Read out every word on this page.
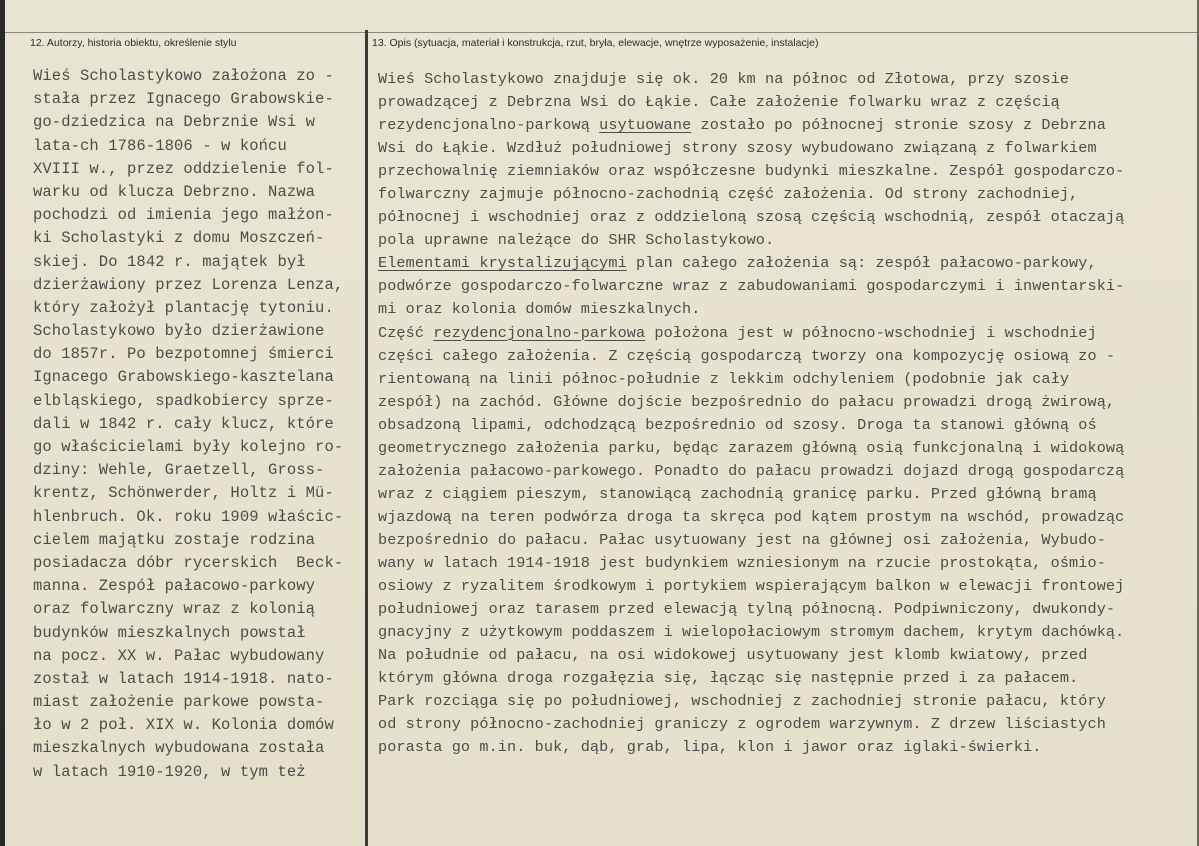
12. Autorzy, historia obiektu, określenie stylu	13. Opis (sytuacja, materiał i konstrukcja, rzut, bryła, elewacje, wnętrze wyposażenie, instalacje)
Wieś Scholastykowo założona zo -
stała przez Ignacego Grabowskie-
go-dziedzica na Debrznie Wsi w
lata-ch 1786-1806 - w końcu
XVIII w., przez oddzielenie fol-
warku od klucza Debrzno. Nazwa
pochodzi od imienia jego małżon-
ki Scholastyki z domu Moszczeń-
skiej. Do 1842 r. majątek był
dzierżawiony przez Lorenza Lenza,
który założył plantację tytoniu.
Scholastykowo było dzierżawione
do 1857r. Po bezpotomnej śmierci
Ignacego Grabowskiego-kasztelana
elbląskiego, spadkobiercy sprze-
dali w 1842 r. cały klucz, które
go właścicielami były kolejno ro-
dziny: Wehle, Graetzell, Gross-
krentz, Schönwerder, Holtz i Mü-
hlenbruch. Ok. roku 1909 właścic-
cielem majątku zostaje rodzina
posiadacza dóbr rycerskich  Beck-
manna. Zespół pałacowo-parkowy
oraz folwarczny wraz z kolonią
budynków mieszkalnych powstał
na pocz. XX w. Pałac wybudowany
został w latach 1914-1918. nato-
miast założenie parkowe powsta-
ło w 2 poł. XIX w. Kolonia domów
mieszkalnych wybudowana została
w latach 1910-1920, w tym też
Wieś Scholastykowo znajduje się ok. 20 km na północ od Złotowa, przy szosie
prowadzącej z Debrzna Wsi do Łąkie. Całe założenie folwarku wraz z częścią
rezydencjonalno-parkową usytuowane zostało po północnej stronie szosy z Debrzna
Wsi do Łąkie. Wzdłuż południowej strony szosy wybudowano związaną z folwarkiem
przechowalnię ziemniaków oraz współczesne budynki mieszkalne. Zespół gospodarczo-
folwarczny zajmuje północno-zachodnią część założenia. Od strony zachodniej,
północnej i wschodniej oraz z oddzieloną szosą częścią wschodnią, zespół otaczają
pola uprawne należące do SHR Scholastykowo.
Elementami krystalizującymi plan całego założenia są: zespół pałacowo-parkowy,
podwórze gospodarczo-folwarczne wraz z zabudowaniami gospodarczymi i inwentarski-
mi oraz kolonia domów mieszkalnych.
Część rezydencjonalno-parkowa położona jest w północno-wschodniej i wschodniej
części całego założenia. Z częścią gospodarczą tworzy ona kompozycję osiową zo -
rientowaną na linii północ-południe z lekkim odchyleniem (podobnie jak cały
zespół) na zachód. Główne dojście bezpośrednio do pałacu prowadzi drogą żwirową,
obsadzoną lipami, odchodzącą bezpośrednio od szosy. Droga ta stanowi główną oś
geometrycznego założenia parku, będąc zarazem główną osią funkcjonalną i widokową
założenia pałacowo-parkowego. Ponadto do pałacu prowadzi dojazd drogą gospodarczą
wraz z ciągiem pieszym, stanowiącą zachodnią granicę parku. Przed główną bramą
wjazdową na teren podwórza droga ta skręca pod kątem prostym na wschód, prowadząc
bezpośrednio do pałacu. Pałac usytuowany jest na głównej osi założenia, Wybudo-
wany w latach 1914-1918 jest budynkiem wzniesionym na rzucie prostokąta, ośmio-
osiowy z ryzalitem środkowym i portykiem wspierającym balkon w elewacji frontowej
południowej oraz tarasem przed elewacją tylną północną. Podpiwniczony, dwukondy-
gnacyjny z użytkowym poddaszem i wielopołaciowym stromym dachem, krytym dachówką.
Na południe od pałacu, na osi widokowej usytuowany jest klomb kwiatowy, przed
którym główna droga rozgałęzia się, łącząc się następnie przed i za pałacem.
Park rozciąga się po południowej, wschodniej z zachodniej stronie pałacu, który
od strony północno-zachodniej graniczy z ogrodem warzywnym. Z drzew liściastych
porasta go m.in. buk, dąb, grab, lipa, klon i jawor oraz iglaki-świerki.
